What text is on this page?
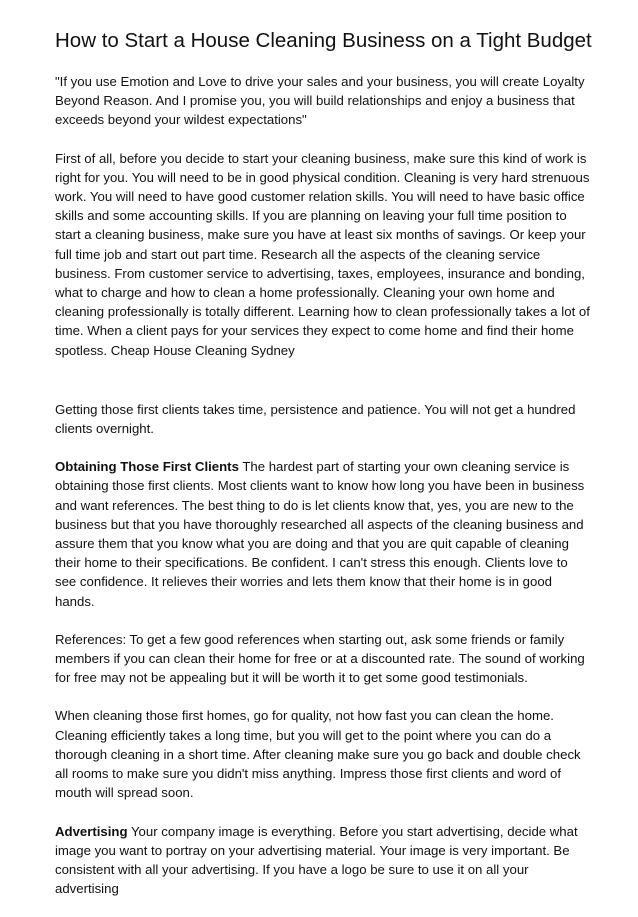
How to Start a House Cleaning Business on a Tight Budget

"If you use Emotion and Love to drive your sales and your business, you will create Loyalty Beyond Reason. And I promise you, you will build relationships and enjoy a business that exceeds beyond your wildest expectations"

First of all, before you decide to start your cleaning business, make sure this kind of work is right for you. You will need to be in good physical condition. Cleaning is very hard strenuous work. You will need to have good customer relation skills. You will need to have basic office skills and some accounting skills. If you are planning on leaving your full time position to start a cleaning business, make sure you have at least six months of savings. Or keep your full time job and start out part time. Research all the aspects of the cleaning service business. From customer service to advertising, taxes, employees, insurance and bonding, what to charge and how to clean a home professionally. Cleaning your own home and cleaning professionally is totally different. Learning how to clean professionally takes a lot of time. When a client pays for your services they expect to come home and find their home spotless. Cheap House Cleaning Sydney

Getting those first clients takes time, persistence and patience. You will not get a hundred clients overnight.

Obtaining Those First Clients The hardest part of starting your own cleaning service is obtaining those first clients. Most clients want to know how long you have been in business and want references. The best thing to do is let clients know that, yes, you are new to the business but that you have thoroughly researched all aspects of the cleaning business and assure them that you know what you are doing and that you are quit capable of cleaning their home to their specifications. Be confident. I can't stress this enough. Clients love to see confidence. It relieves their worries and lets them know that their home is in good hands.

References: To get a few good references when starting out, ask some friends or family members if you can clean their home for free or at a discounted rate. The sound of working for free may not be appealing but it will be worth it to get some good testimonials.

When cleaning those first homes, go for quality, not how fast you can clean the home. Cleaning efficiently takes a long time, but you will get to the point where you can do a thorough cleaning in a short time. After cleaning make sure you go back and double check all rooms to make sure you didn't miss anything. Impress those first clients and word of mouth will spread soon.

Advertising Your company image is everything. Before you start advertising, decide what image you want to portray on your advertising material. Your image is very important. Be consistent with all your advertising. If you have a logo be sure to use it on all your advertising
